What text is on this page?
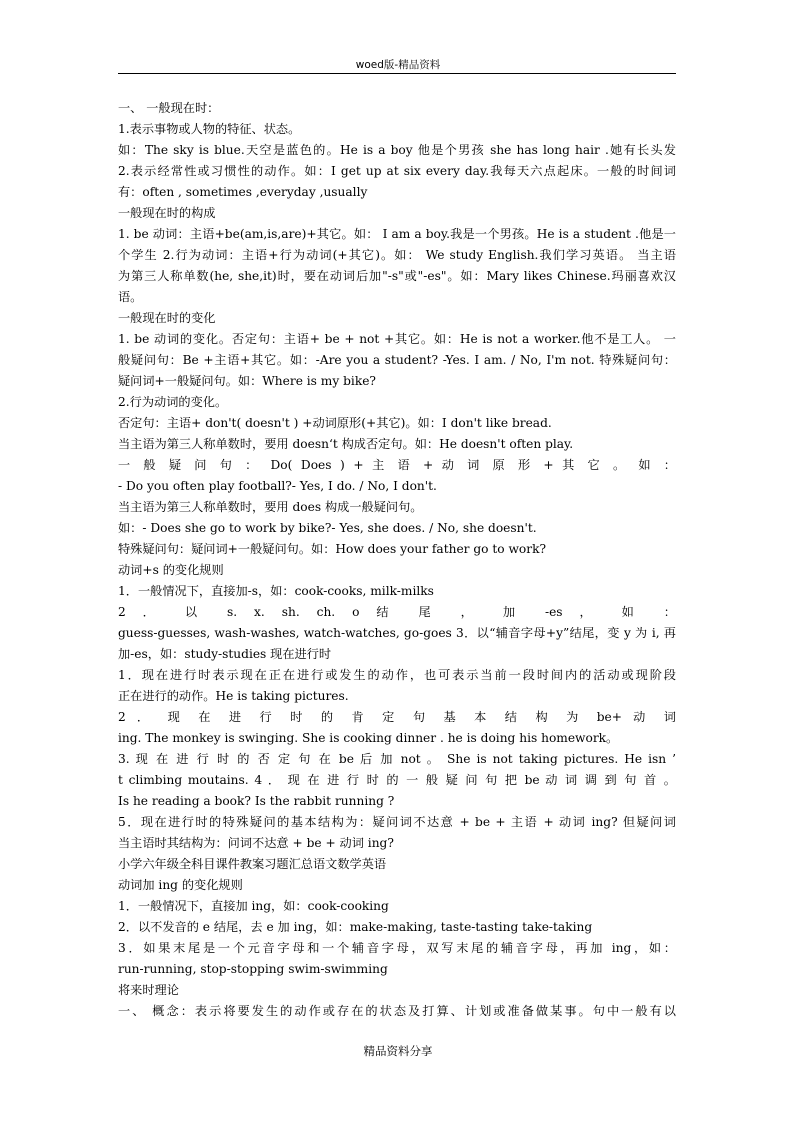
woed版-精品资料
一、 一般现在时：
1.表示事物或人物的特征、状态。
如：The sky is blue.天空是蓝色的。He is a boy 他是个男孩 she has long hair .她有长头发
2.表示经常性或习惯性的动作。如：I get up at six every day.我每天六点起床。一般的时间词
有：often , sometimes ,everyday ,usually
一般现在时的构成
1. be 动词：主语+be(am,is,are)+其它。如： I am a boy.我是一个男孩。He is a student .他是一
个学生 2.行为动词：主语+行为动词(+其它)。如： We study English.我们学习英语。 当主语
为第三人称单数(he, she,it)时，要在动词后加"-s"或"-es"。如：Mary likes Chinese.玛丽喜欢汉
语。
一般现在时的变化
1. be 动词的变化。否定句：主语+ be + not +其它。如：He is not a worker.他不是工人。 一
般疑问句：Be +主语+其它。如：-Are you a student? -Yes. I am. / No, I'm not. 特殊疑问句：
疑问词+一般疑问句。如：Where is my bike?
2.行为动词的变化。
否定句：主语+ don't( doesn't ) +动词原形(+其它)。如：I don't like bread.
当主语为第三人称单数时，要用 doesn‘t 构成否定句。如：He doesn't often play.
一 般 疑 问 句 ： Do( Does ) + 主 语 + 动 词 原 形 + 其 它 。 如 ：
- Do you often play football?- Yes, I do. / No, I don't.
当主语为第三人称单数时，要用 does 构成一般疑问句。
如：- Does she go to work by bike?- Yes, she does. / No, she doesn't.
特殊疑问句：疑问词+一般疑问句。如：How does your father go to work?
动词+s 的变化规则
1．一般情况下，直接加-s，如：cook-cooks, milk-milks
2 ． 以 s. x. sh. ch. o 结 尾 ， 加 -es ， 如 ：
guess-guesses, wash-washes, watch-watches, go-goes 3．以“辅音字母+y”结尾，变 y 为 i, 再
加-es，如：study-studies 现在进行时
1．现在进行时表示现在正在进行或发生的动作，也可表示当前一段时间内的活动或现阶段
正在进行的动作。He is taking pictures.
2 ． 现 在 进 行 时 的 肯 定 句 基 本 结 构 为 be+ 动 词
ing. The monkey is swinging. She is cooking dinner . he is doing his homework。
3. 现 在 进 行 时 的 否 定 句 在 be 后 加 not 。 She is not taking pictures. He isn ’
t climbing moutains. 4 ． 现 在 进 行 时 的 一 般 疑 问 句 把 be 动 词 调 到 句 首 。
Is he reading a book? Is the rabbit running ?
5．现在进行时的特殊疑问的基本结构为：疑问词不达意 + be + 主语 + 动词 ing? 但疑问词
当主语时其结构为：问词不达意 + be + 动词 ing?
小学六年级全科目课件教案习题汇总语文数学英语
动词加 ing 的变化规则
1．一般情况下，直接加 ing，如：cook-cooking
2．以不发音的 e 结尾，去 e 加 ing，如：make-making, taste-tasting take-taking
3．如果末尾是一个元音字母和一个辅音字母，双写末尾的辅音字母，再加 ing，如：
run-running, stop-stopping swim-swimming
将来时理论
一、 概念：表示将要发生的动作或存在的状态及打算、计划或准备做某事。句中一般有以
精品资料分享
